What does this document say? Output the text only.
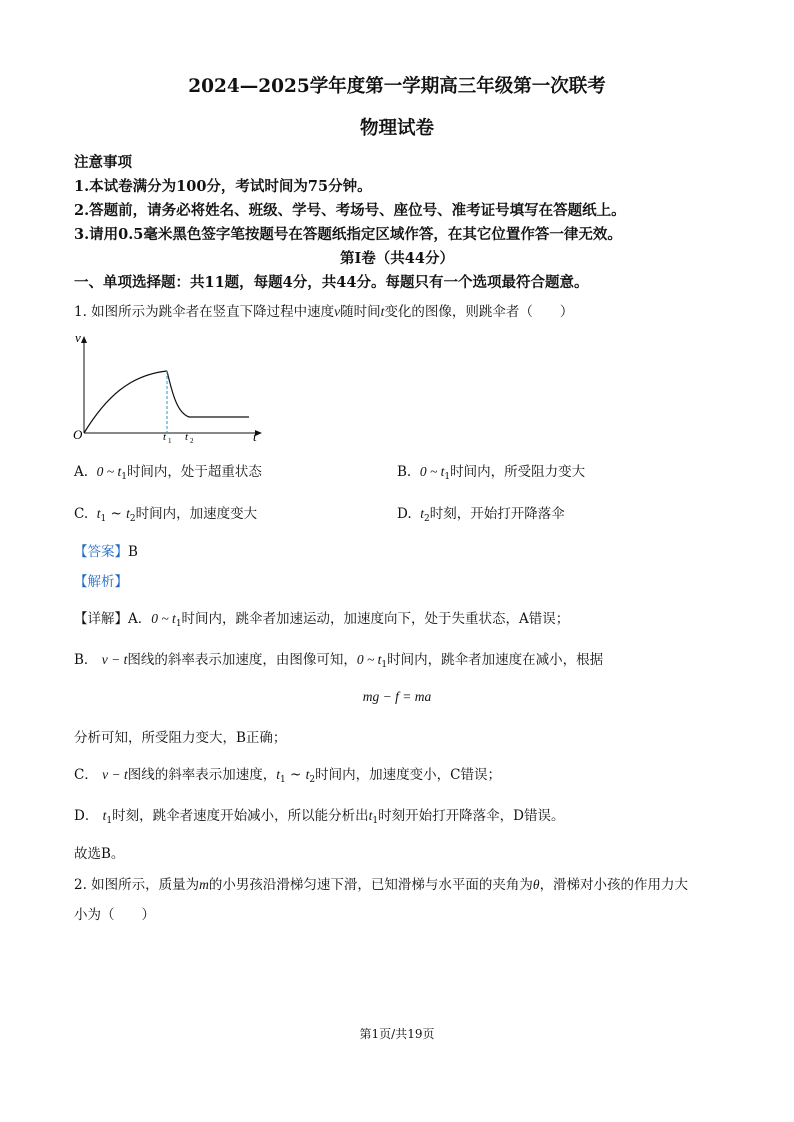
2024—2025学年度第一学期高三年级第一次联考
物理试卷
注意事项
1.本试卷满分为100分，考试时间为75分钟。
2.答题前，请务必将姓名、班级、学号、考场号、座位号、准考证号填写在答题纸上。
3.请用0.5毫米黑色签字笔按题号在答题纸指定区域作答，在其它位置作答一律无效。
第I卷（共44分）
一、单项选择题：共11题，每题4分，共44分。每题只有一个选项最符合题意。
1. 如图所示为跳伞者在竖直下降过程中速度v随时间t变化的图像，则跳伞者（　　）
v
t
O	t 1 t 2
A. 0 ~ $t_1$时间内，处于超重状态	B. 0 ~ $t_1$时间内，所受阻力变大
C. $t_1$ ~ $t_2$时间内，加速度变大	D. $t_2$时刻，开始打开降落伞
【答案】B
【解析】
【详解】A．0 ~ $t_1$时间内，跳伞者加速运动，加速度向下，处于失重状态，A错误；
B． v − t图线的斜率表示加速度，由图像可知，0 ~ $t_1$时间内，跳伞者加速度在减小，根据
mg − f = ma
分析可知，所受阻力变大，B正确；
C． v − t图线的斜率表示加速度，$t_1$ ~ $t_2$时间内，加速度变小，C错误；
D． $t_1$时刻，跳伞者速度开始减小，所以能分析出$t_1$时刻开始打开降落伞，D错误。
故选B。
2. 如图所示，质量为m的小男孩沿滑梯匀速下滑，已知滑梯与水平面的夹角为θ，滑梯对小孩的作用力大
小为（　　）
第1页/共19页
